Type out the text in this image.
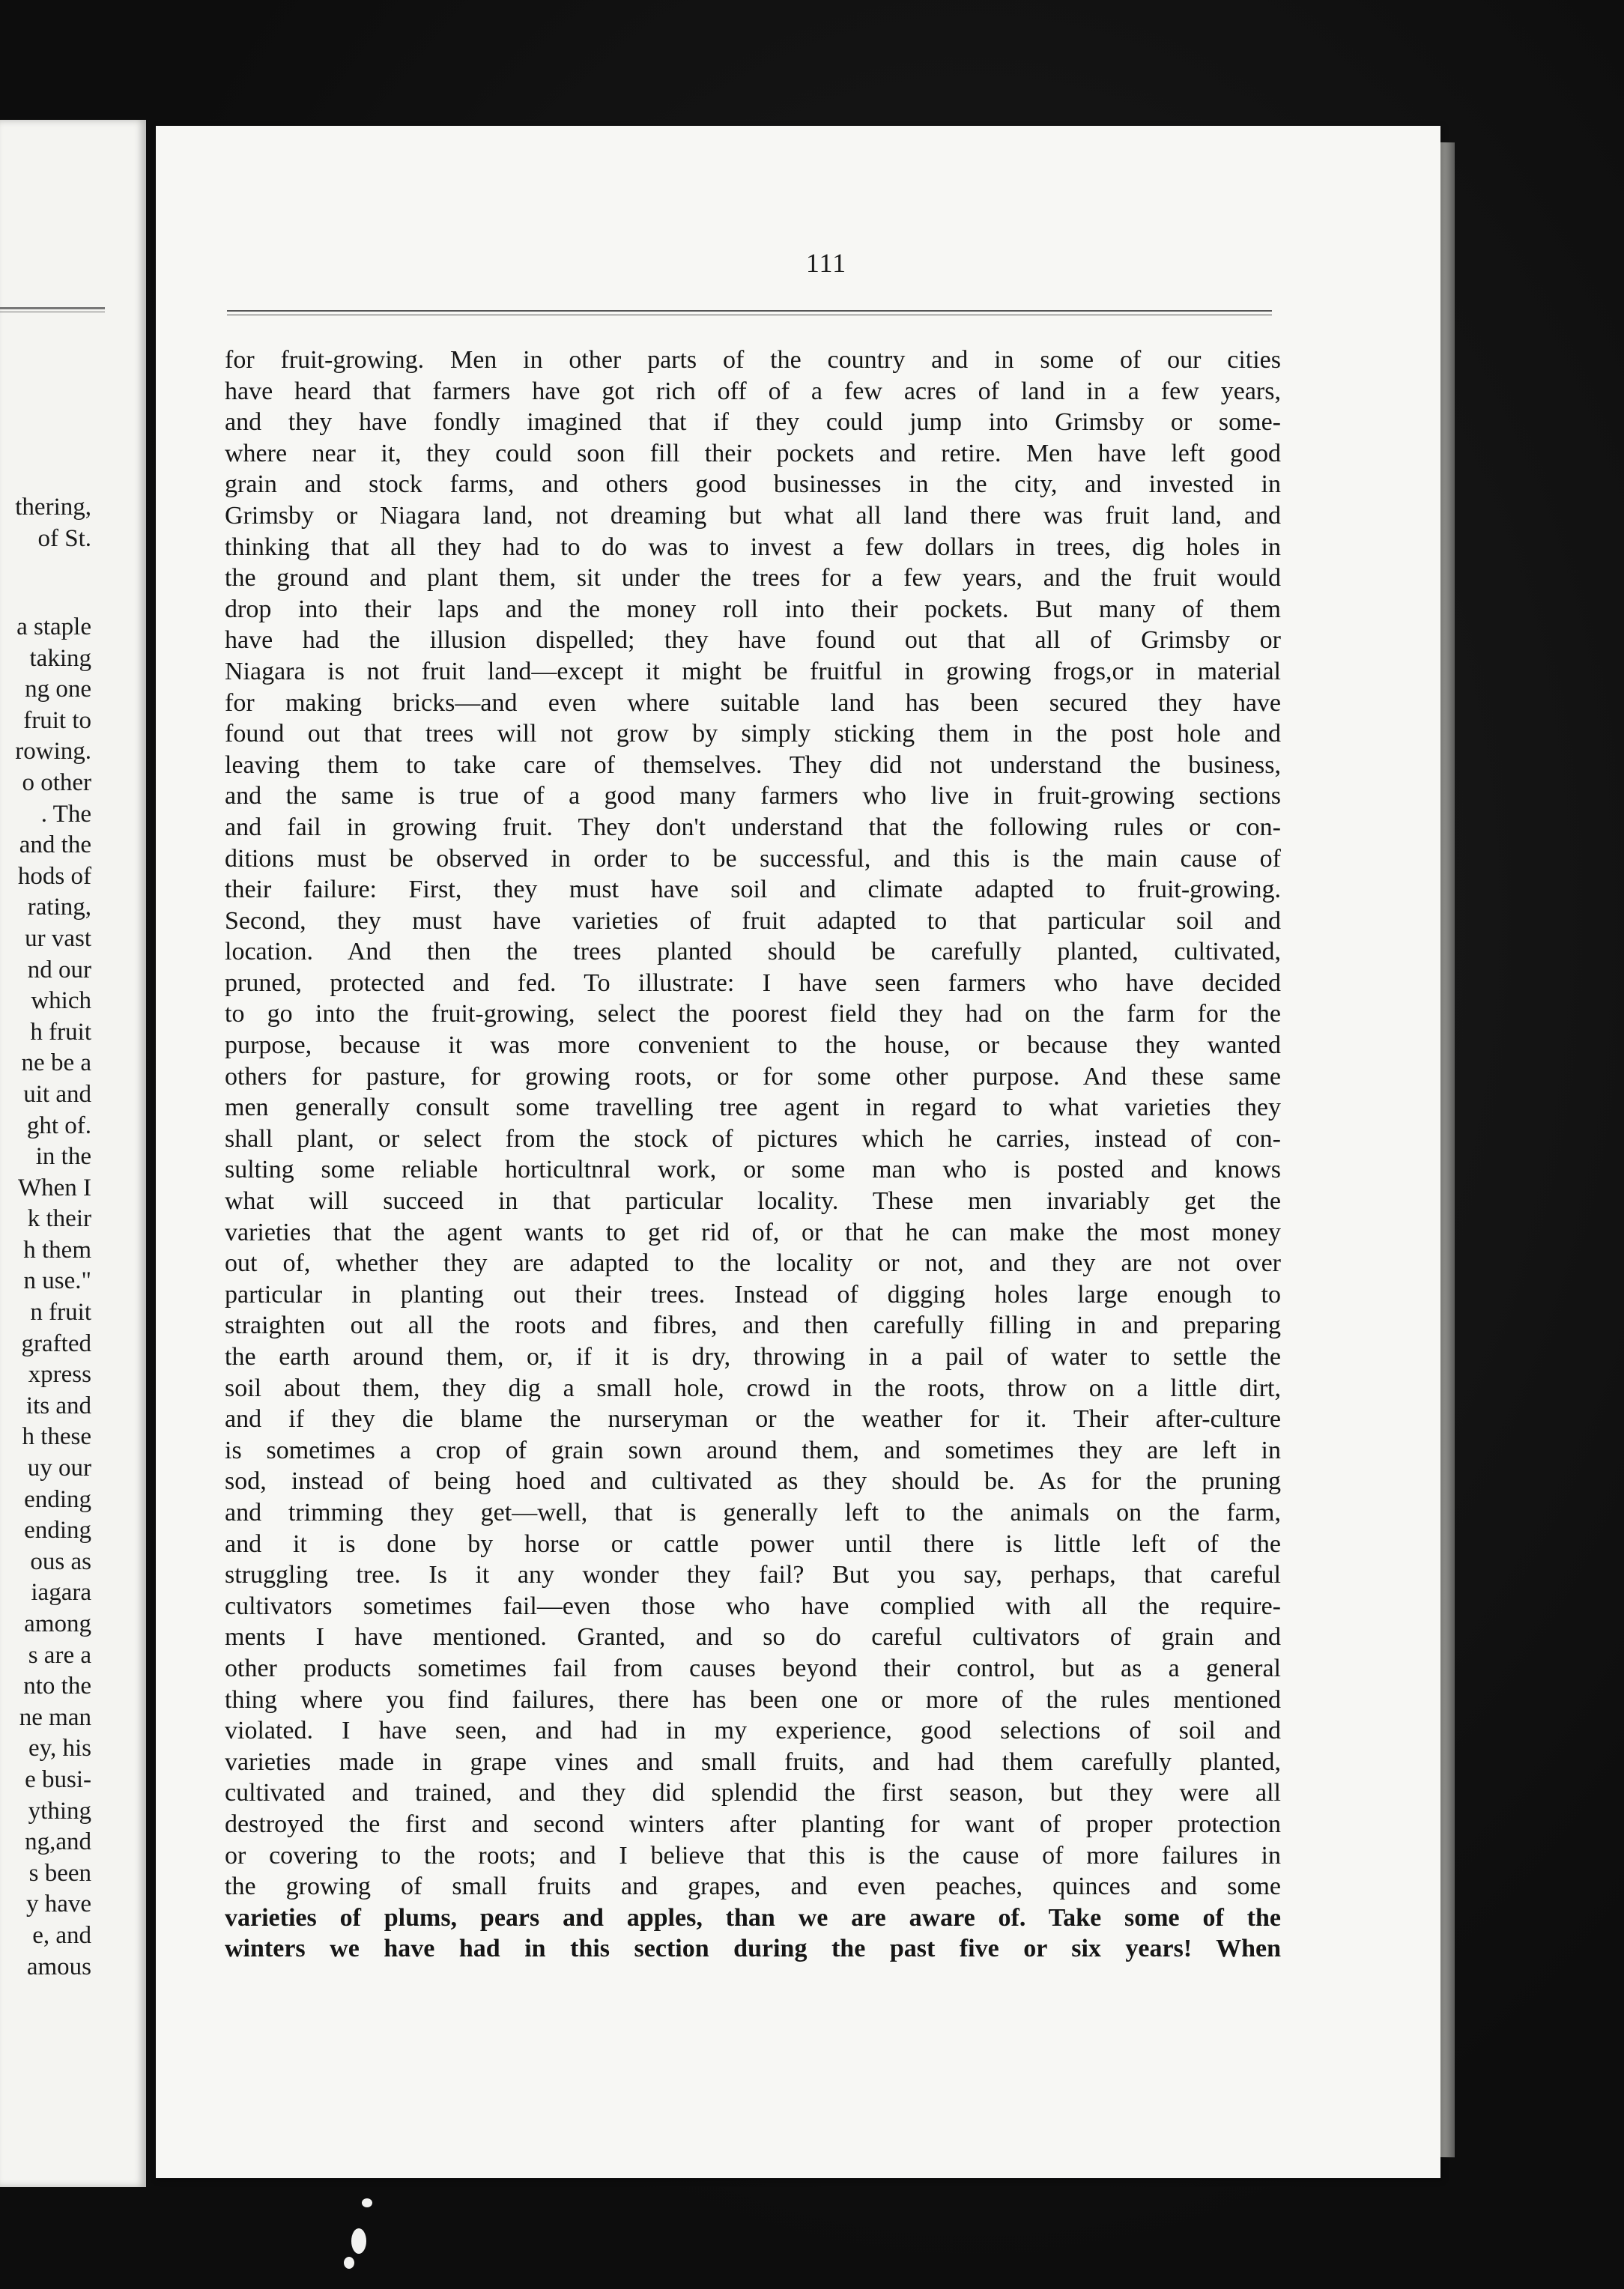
thering,
of St.
a staple
taking
ng one
fruit to
rowing.
o other
. The
and the
hods of
rating,
ur vast
nd our
which
h fruit
ne be a
uit and
ght of.
in the
When I
k their
h them
n use."
n fruit
grafted
xpress
its and
h these
uy our
ending
ending
ous as
iagara
among
s are a
nto the
ne man
ey, his
e busi-
ything
ng,and
s been
y have
e, and
amous
111
for fruit-growing. Men in other parts of the country and in some of our cities
have heard that farmers have got rich off of a few acres of land in a few years,
and they have fondly imagined that if they could jump into Grimsby or some-
where near it, they could soon fill their pockets and retire. Men have left good
grain and stock farms, and others good businesses in the city, and invested in
Grimsby or Niagara land, not dreaming but what all land there was fruit land, and
thinking that all they had to do was to invest a few dollars in trees, dig holes in
the ground and plant them, sit under the trees for a few years, and the fruit would
drop into their laps and the money roll into their pockets. But many of them
have had the illusion dispelled; they have found out that all of Grimsby or
Niagara is not fruit land—except it might be fruitful in growing frogs,or in material
for making bricks—and even where suitable land has been secured they have
found out that trees will not grow by simply sticking them in the post hole and
leaving them to take care of themselves. They did not understand the business,
and the same is true of a good many farmers who live in fruit-growing sections
and fail in growing fruit. They don't understand that the following rules or con-
ditions must be observed in order to be successful, and this is the main cause of
their failure: First, they must have soil and climate adapted to fruit-growing.
Second, they must have varieties of fruit adapted to that particular soil and
location. And then the trees planted should be carefully planted, cultivated,
pruned, protected and fed. To illustrate: I have seen farmers who have decided
to go into the fruit-growing, select the poorest field they had on the farm for the
purpose, because it was more convenient to the house, or because they wanted
others for pasture, for growing roots, or for some other purpose. And these same
men generally consult some travelling tree agent in regard to what varieties they
shall plant, or select from the stock of pictures which he carries, instead of con-
sulting some reliable horticultnral work, or some man who is posted and knows
what will succeed in that particular locality. These men invariably get the
varieties that the agent wants to get rid of, or that he can make the most money
out of, whether they are adapted to the locality or not, and they are not over
particular in planting out their trees. Instead of digging holes large enough to
straighten out all the roots and fibres, and then carefully filling in and preparing
the earth around them, or, if it is dry, throwing in a pail of water to settle the
soil about them, they dig a small hole, crowd in the roots, throw on a little dirt,
and if they die blame the nurseryman or the weather for it. Their after-culture
is sometimes a crop of grain sown around them, and sometimes they are left in
sod, instead of being hoed and cultivated as they should be. As for the pruning
and trimming they get—well, that is generally left to the animals on the farm,
and it is done by horse or cattle power until there is little left of the
struggling tree. Is it any wonder they fail? But you say, perhaps, that careful
cultivators sometimes fail—even those who have complied with all the require-
ments I have mentioned. Granted, and so do careful cultivators of grain and
other products sometimes fail from causes beyond their control, but as a general
thing where you find failures, there has been one or more of the rules mentioned
violated. I have seen, and had in my experience, good selections of soil and
varieties made in grape vines and small fruits, and had them carefully planted,
cultivated and trained, and they did splendid the first season, but they were all
destroyed the first and second winters after planting for want of proper protection
or covering to the roots; and I believe that this is the cause of more failures in
the growing of small fruits and grapes, and even peaches, quinces and some
varieties of plums, pears and apples, than we are aware of. Take some of the
winters we have had in this section during the past five or six years! When
